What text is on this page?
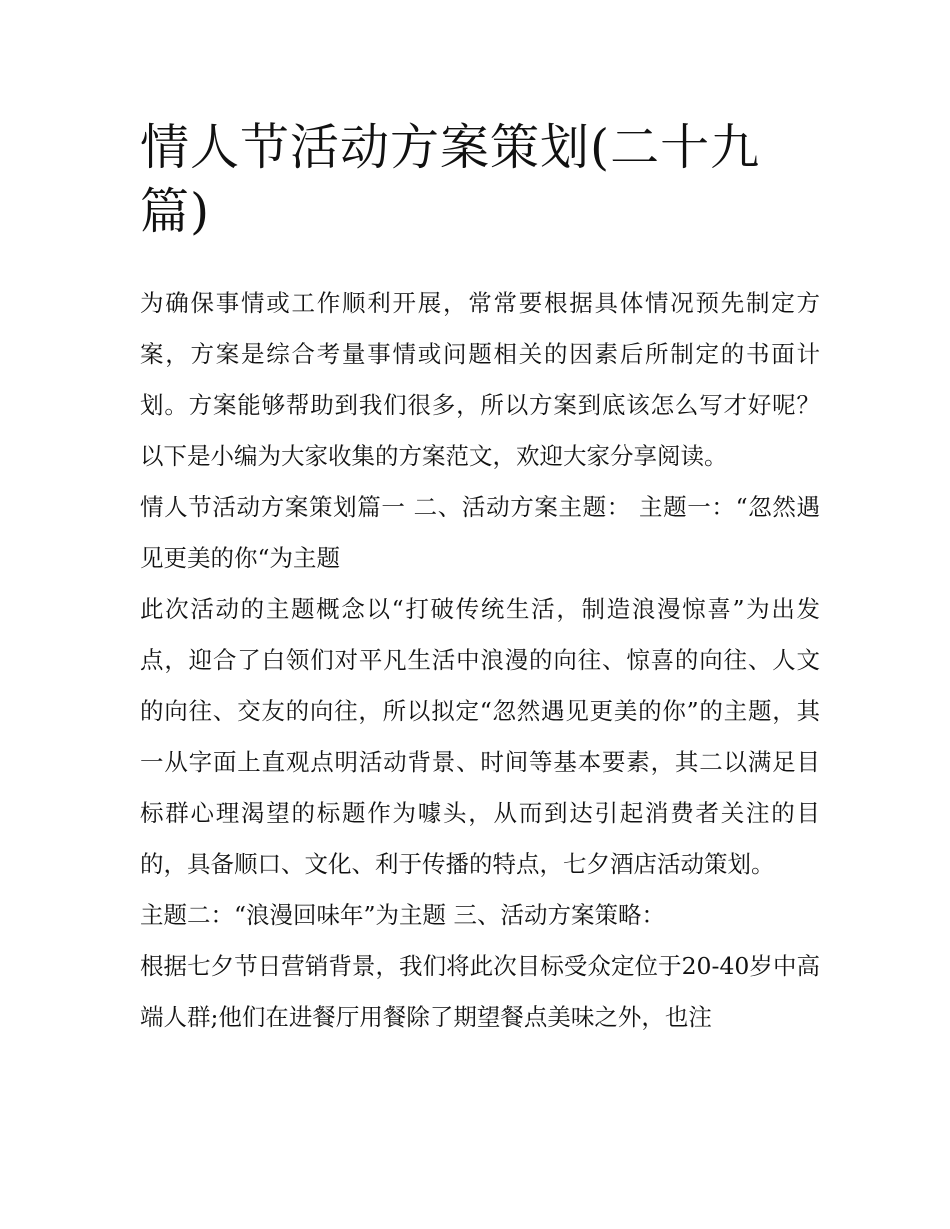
情人节活动方案策划(二十九篇)

为确保事情或工作顺利开展，常常要根据具体情况预先制定方案，方案是综合考量事情或问题相关的因素后所制定的书面计划。方案能够帮助到我们很多，所以方案到底该怎么写才好呢？以下是小编为大家收集的方案范文，欢迎大家分享阅读。

情人节活动方案策划篇一 二、活动方案主题： 主题一：“忽然遇见更美的你“为主题

此次活动的主题概念以“打破传统生活，制造浪漫惊喜”为出发点，迎合了白领们对平凡生活中浪漫的向往、惊喜的向往、人文的向往、交友的向往，所以拟定“忽然遇见更美的你”的主题，其一从字面上直观点明活动背景、时间等基本要素，其二以满足目标群心理渴望的标题作为噱头，从而到达引起消费者关注的目的，具备顺口、文化、利于传播的特点，七夕酒店活动策划。

主题二：“浪漫回味年”为主题 三、活动方案策略：

根据七夕节日营销背景，我们将此次目标受众定位于20-40岁中高端人群;他们在进餐厅用餐除了期望餐点美味之外，也注
